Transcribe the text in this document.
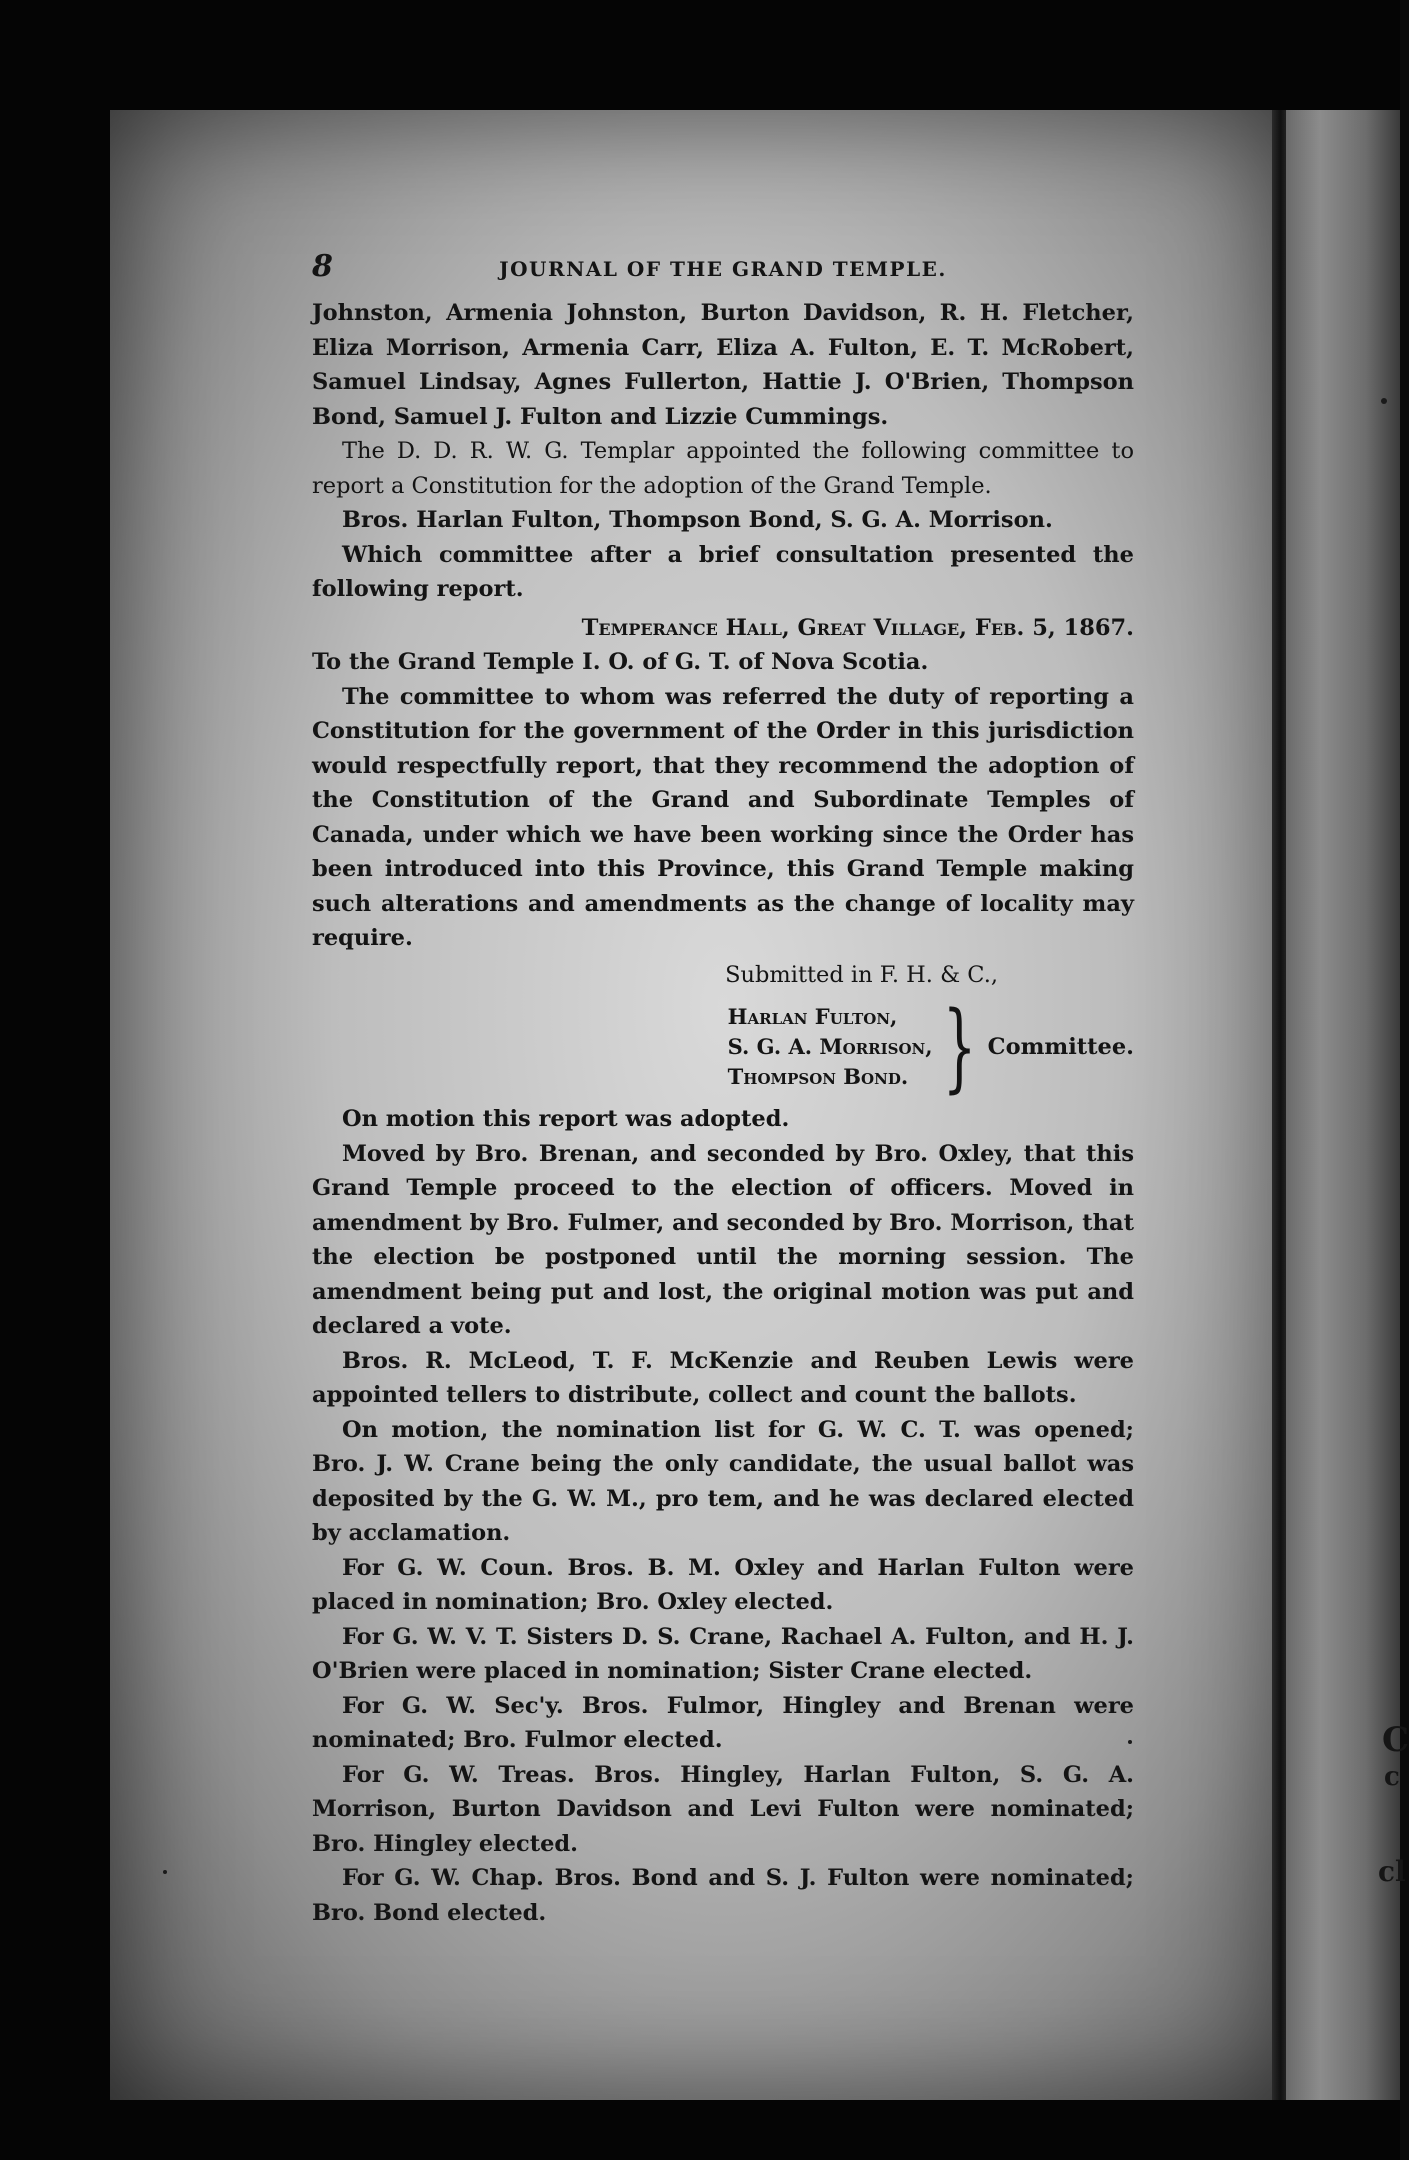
C
c
cl
8	JOURNAL OF THE GRAND TEMPLE.

Johnston, Armenia Johnston, Burton Davidson, R. H. Fletcher, Eliza Morrison, Armenia Carr, Eliza A. Fulton, E. T. McRobert, Samuel Lindsay, Agnes Fullerton, Hattie J. O'Brien, Thompson Bond, Samuel J. Fulton and Lizzie Cummings.

The D. D. R. W. G. Templar appointed the following committee to report a Constitution for the adoption of the Grand Temple.

Bros. Harlan Fulton, Thompson Bond, S. G. A. Morrison.

Which committee after a brief consultation presented the following report.

Temperance Hall, Great Village, Feb. 5, 1867.

To the Grand Temple I. O. of G. T. of Nova Scotia.

The committee to whom was referred the duty of reporting a Constitution for the government of the Order in this jurisdiction would respectfully report, that they recommend the adoption of the Constitution of the Grand and Subordinate Temples of Canada, under which we have been working since the Order has been introduced into this Province, this Grand Temple making such alterations and amendments as the change of locality may require.

Submitted in F. H. & C.,
Harlan Fulton,
S. G. A. Morrison,
Thompson Bond. } Committee.

On motion this report was adopted.

Moved by Bro. Brenan, and seconded by Bro. Oxley, that this Grand Temple proceed to the election of officers. Moved in amendment by Bro. Fulmer, and seconded by Bro. Morrison, that the election be postponed until the morning session. The amendment being put and lost, the original motion was put and declared a vote.

Bros. R. McLeod, T. F. McKenzie and Reuben Lewis were appointed tellers to distribute, collect and count the ballots.

On motion, the nomination list for G. W. C. T. was opened; Bro. J. W. Crane being the only candidate, the usual ballot was deposited by the G. W. M., pro tem, and he was declared elected by acclamation.

For G. W. Coun. Bros. B. M. Oxley and Harlan Fulton were placed in nomination; Bro. Oxley elected.

For G. W. V. T. Sisters D. S. Crane, Rachael A. Fulton, and H. J. O'Brien were placed in nomination; Sister Crane elected.

For G. W. Sec'y. Bros. Fulmor, Hingley and Brenan were nominated; Bro. Fulmor elected.

For G. W. Treas. Bros. Hingley, Harlan Fulton, S. G. A. Morrison, Burton Davidson and Levi Fulton were nominated; Bro. Hingley elected.

For G. W. Chap. Bros. Bond and S. J. Fulton were nominated; Bro. Bond elected.
